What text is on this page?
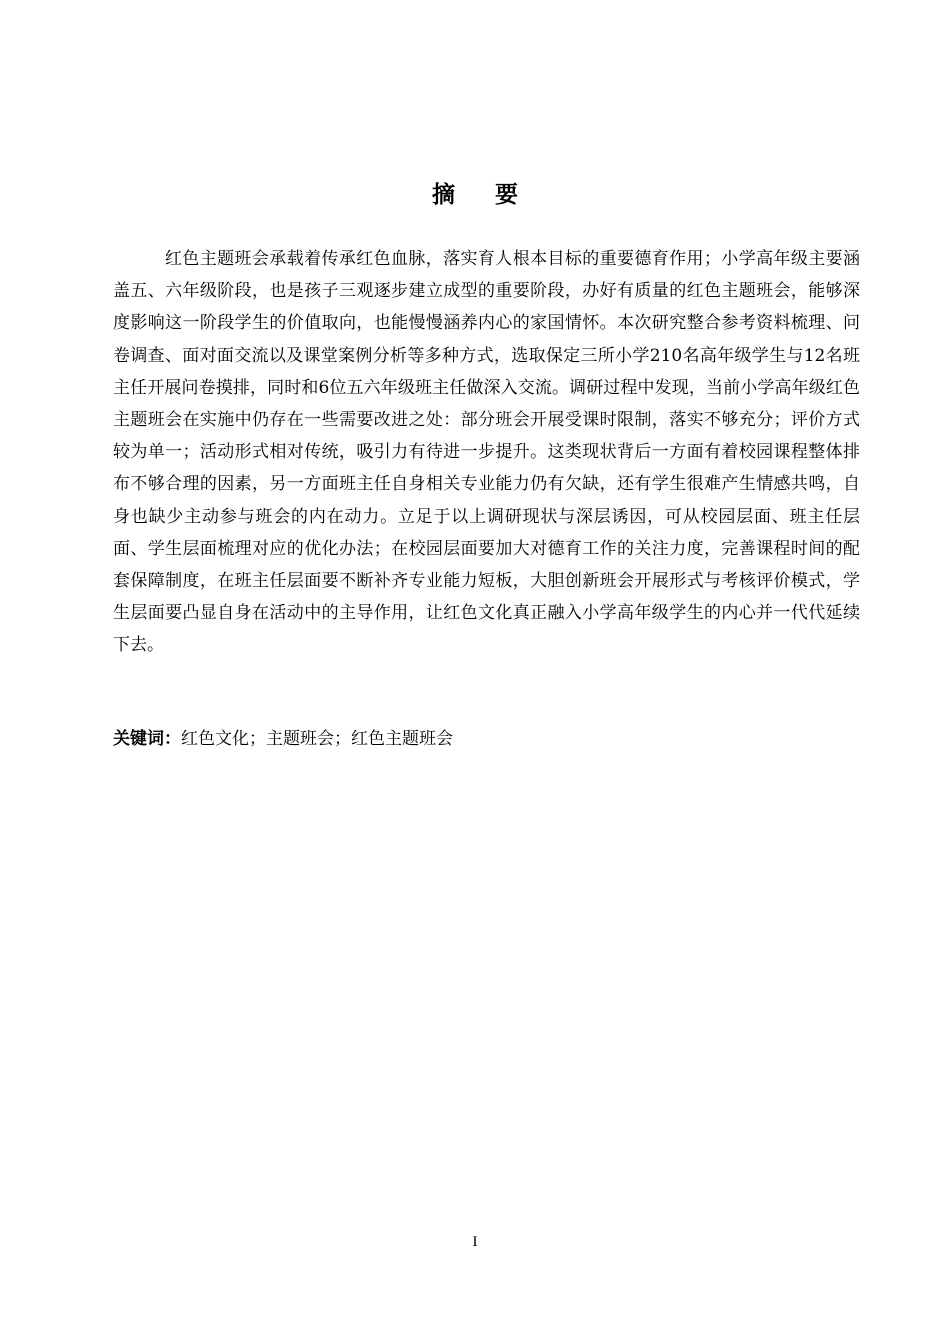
摘要

红色主题班会承载着传承红色血脉，落实育人根本目标的重要德育作用；小学高年级主要涵盖五、六年级阶段，也是孩子三观逐步建立成型的重要阶段，办好有质量的红色主题班会，能够深度影响这一阶段学生的价值取向，也能慢慢涵养内心的家国情怀。本次研究整合参考资料梳理、问卷调查、面对面交流以及课堂案例分析等多种方式，选取保定三所小学210名高年级学生与12名班主任开展问卷摸排，同时和6位五六年级班主任做深入交流。调研过程中发现，当前小学高年级红色主题班会在实施中仍存在一些需要改进之处：部分班会开展受课时限制，落实不够充分；评价方式较为单一；活动形式相对传统，吸引力有待进一步提升。这类现状背后一方面有着校园课程整体排布不够合理的因素，另一方面班主任自身相关专业能力仍有欠缺，还有学生很难产生情感共鸣，自身也缺少主动参与班会的内在动力。立足于以上调研现状与深层诱因，可从校园层面、班主任层面、学生层面梳理对应的优化办法；在校园层面要加大对德育工作的关注力度，完善课程时间的配套保障制度，在班主任层面要不断补齐专业能力短板，大胆创新班会开展形式与考核评价模式，学生层面要凸显自身在活动中的主导作用，让红色文化真正融入小学高年级学生的内心并一代代延续下去。

关键词：红色文化；主题班会；红色主题班会
I
